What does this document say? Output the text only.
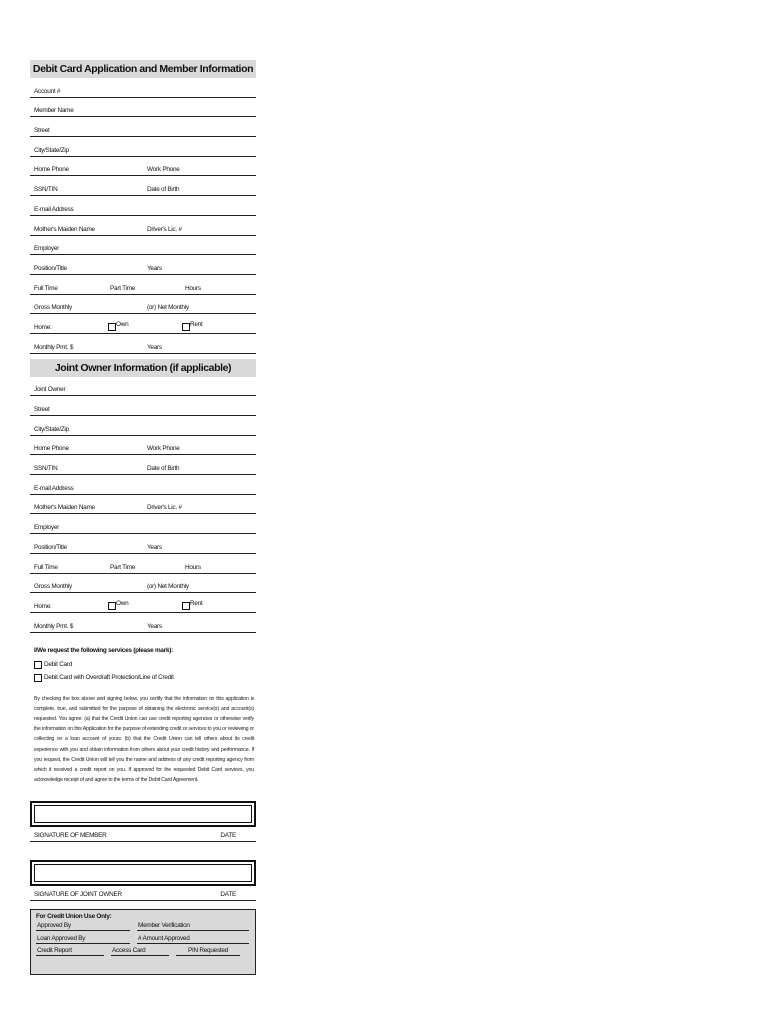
Debit Card Application and Member Information
Account #
Member Name
Street
City/State/Zip
Home Phone	Work Phone
SSN/TIN	Date of Birth
E-mail Address
Mother's Maiden Name	Driver's Lic. #
Employer
Position/Title	Years
Full Time	Part Time	Hours
Gross Monthly	(or) Net Monthly
Home:	Own	Rent
Monthly Pmt. $	Years
Joint Owner Information (if applicable)
Joint Owner
Street
City/State/Zip
Home Phone	Work Phone
SSN/TIN	Date of Birth
E-mail Address
Mother's Maiden Name	Driver's Lic. #
Employer
Position/Title	Years
Full Time	Part Time	Hours
Gross Monthly	(or) Net Monthly
Home:	Own	Rent
Monthly Pmt. $	Years
I/We request the following services (please mark):
Debit Card
Debit Card with Overdraft Protection/Line of Credit
By checking the box above and signing below, you certify that the information on this application is complete, true, and submitted for the purpose of obtaining the electronic service(s) and account(s) requested. You agree: (a) that the Credit Union can use credit reporting agencies or otherwise verify the information on this Application for the purpose of extending credit or services to you or reviewing or collecting on a loan account of yours: (b) that the Credit Union can tell others about its credit experience with you and obtain information from others about your credit history and performance. If you request, the Credit Union will tell you the name and address of any credit reporting agency from which it received a credit report on you. If approved for the requested Debit Card services, you acknowledge receipt of and agree to the terms of the Debit Card Agreement.
SIGNATURE OF MEMBER	DATE
SIGNATURE OF JOINT OWNER	DATE
For Credit Union Use Only:
Approved By	Member Verification
Loan Approved By	# Amount Approved
Credit Report	Access Card	PIN Requested
